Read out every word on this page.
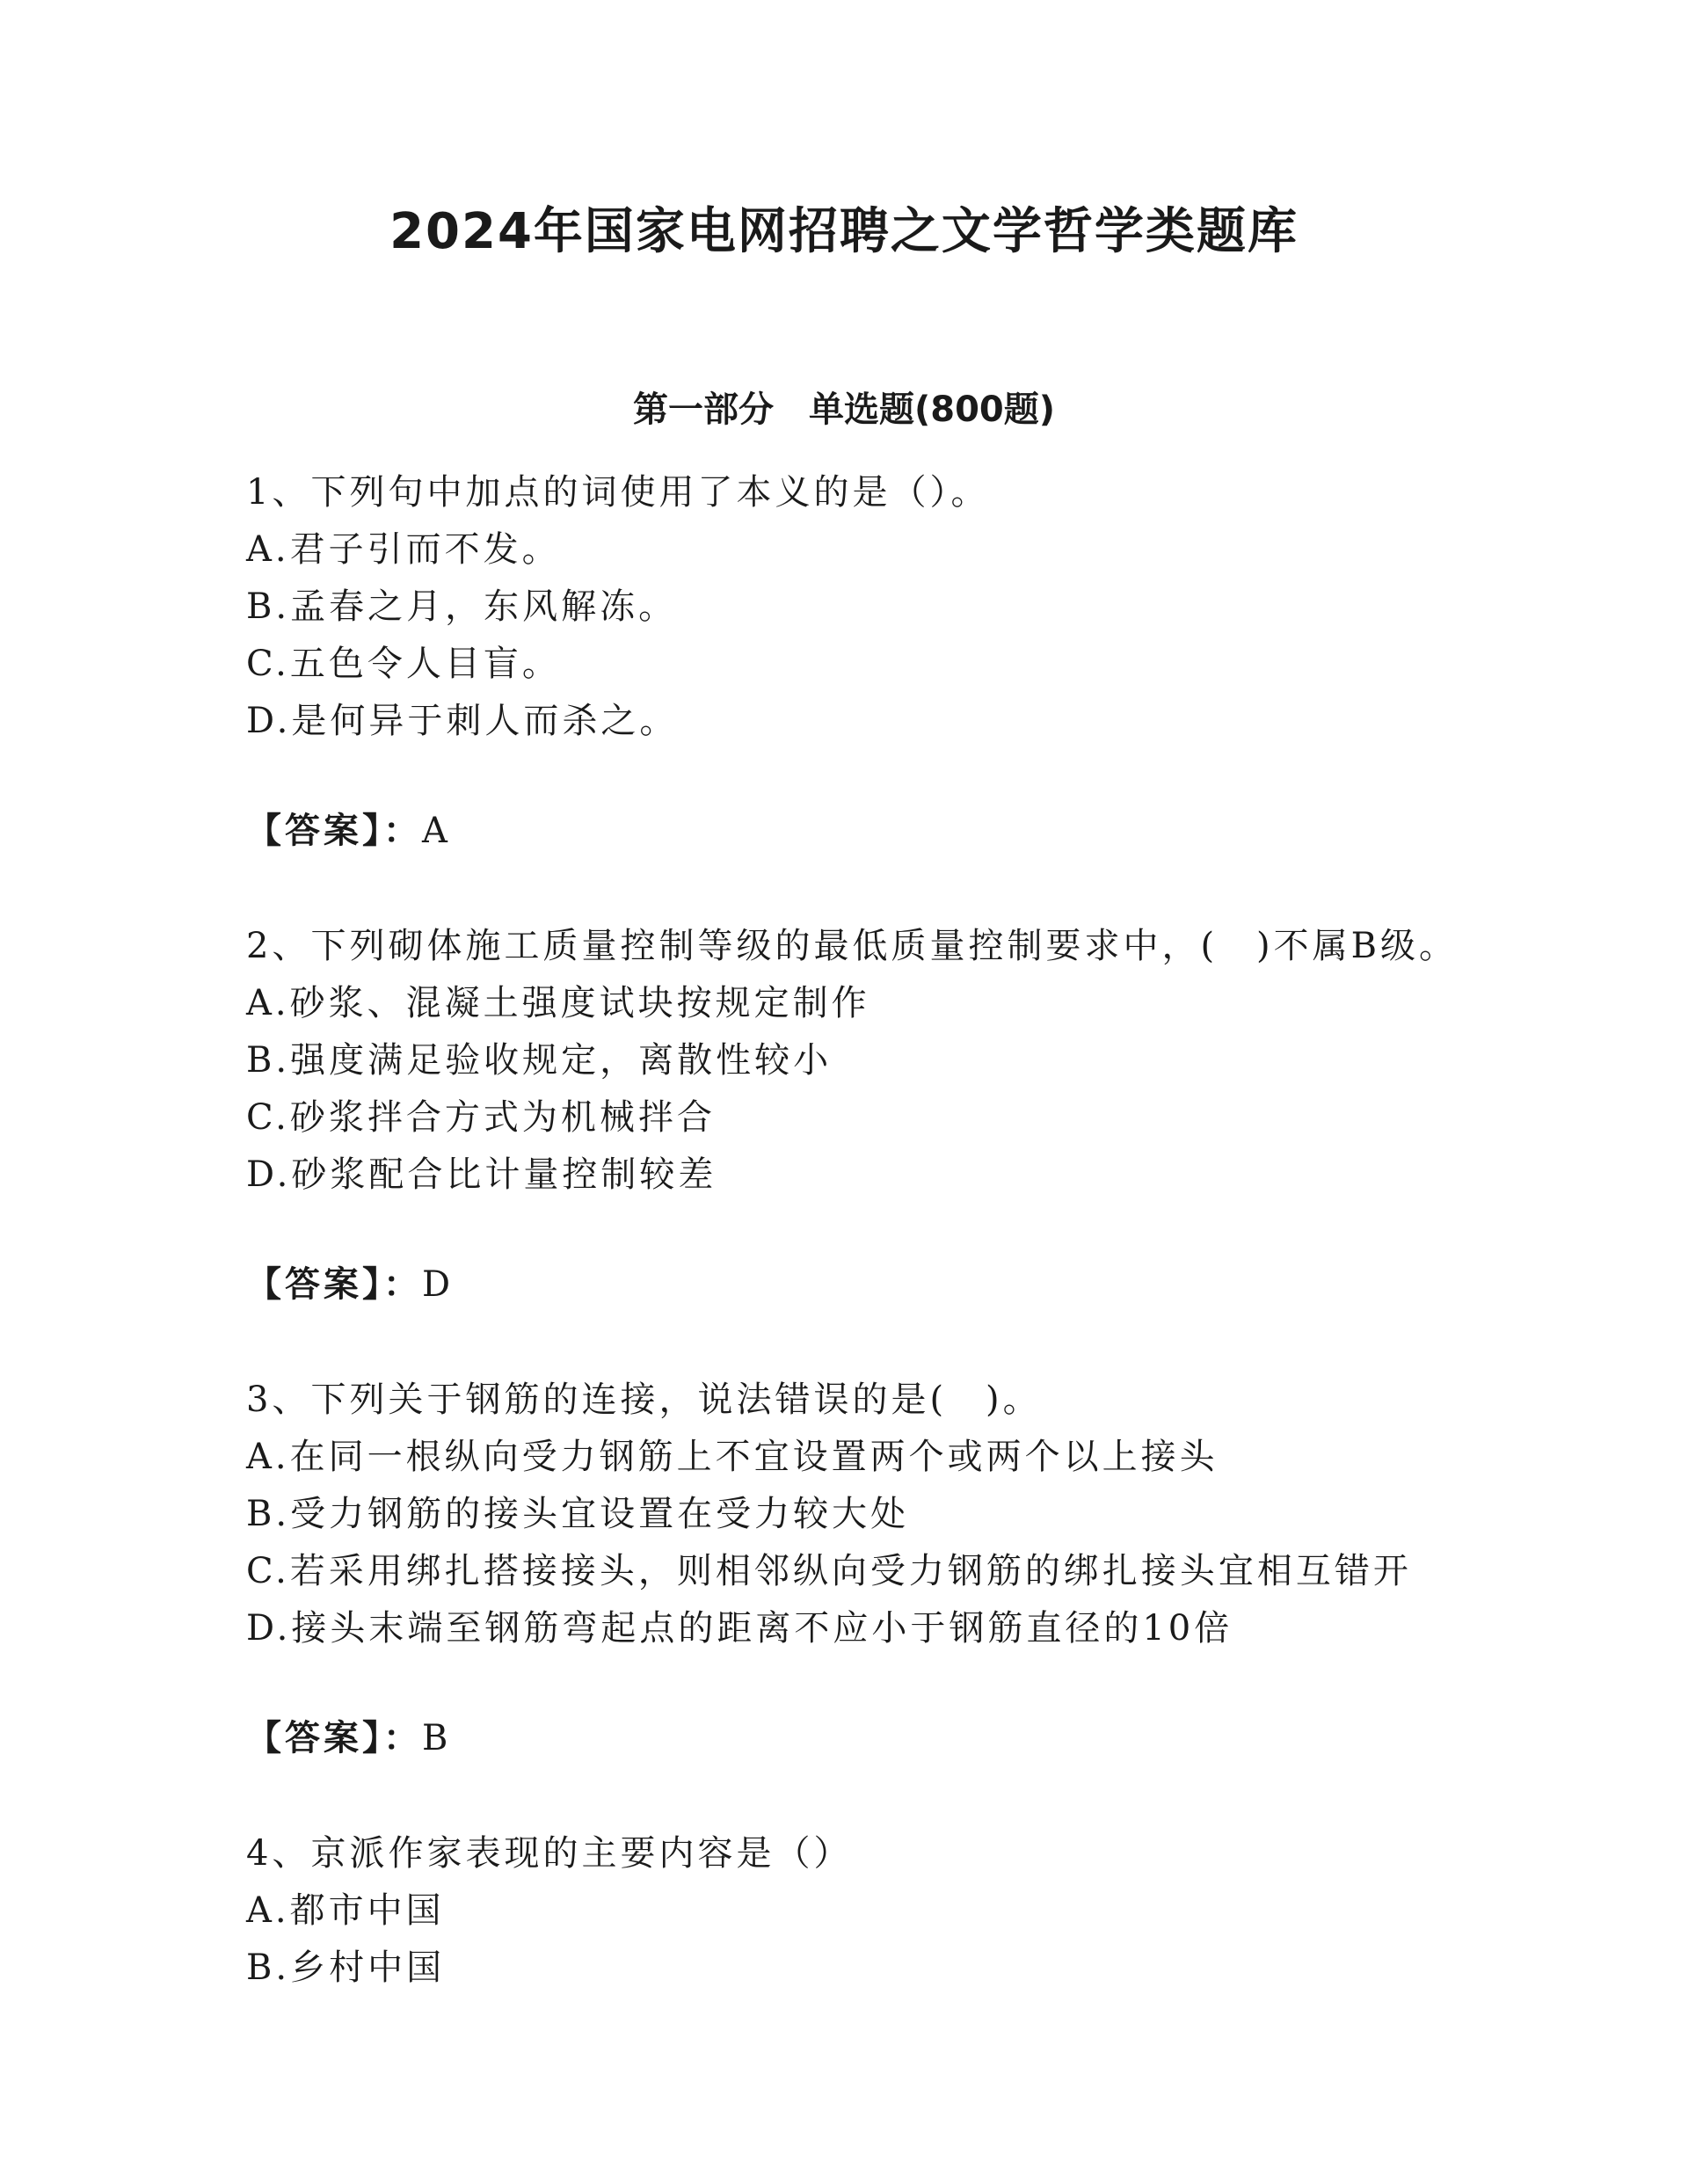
2024年国家电网招聘之文学哲学类题库
第一部分　单选题(800题)
1、下列句中加点的词使用了本义的是（）。
A.君子引而不发。
B.孟春之月，东风解冻。
C.五色令人目盲。
D.是何异于刺人而杀之。
【答案】：A
2、下列砌体施工质量控制等级的最低质量控制要求中，(　)不属B级。
A.砂浆、混凝土强度试块按规定制作
B.强度满足验收规定，离散性较小
C.砂浆拌合方式为机械拌合
D.砂浆配合比计量控制较差
【答案】：D
3、下列关于钢筋的连接，说法错误的是(　)。
A.在同一根纵向受力钢筋上不宜设置两个或两个以上接头
B.受力钢筋的接头宜设置在受力较大处
C.若采用绑扎搭接接头，则相邻纵向受力钢筋的绑扎接头宜相互错开
D.接头末端至钢筋弯起点的距离不应小于钢筋直径的10倍
【答案】：B
4、京派作家表现的主要内容是（）
A.都市中国
B.乡村中国
